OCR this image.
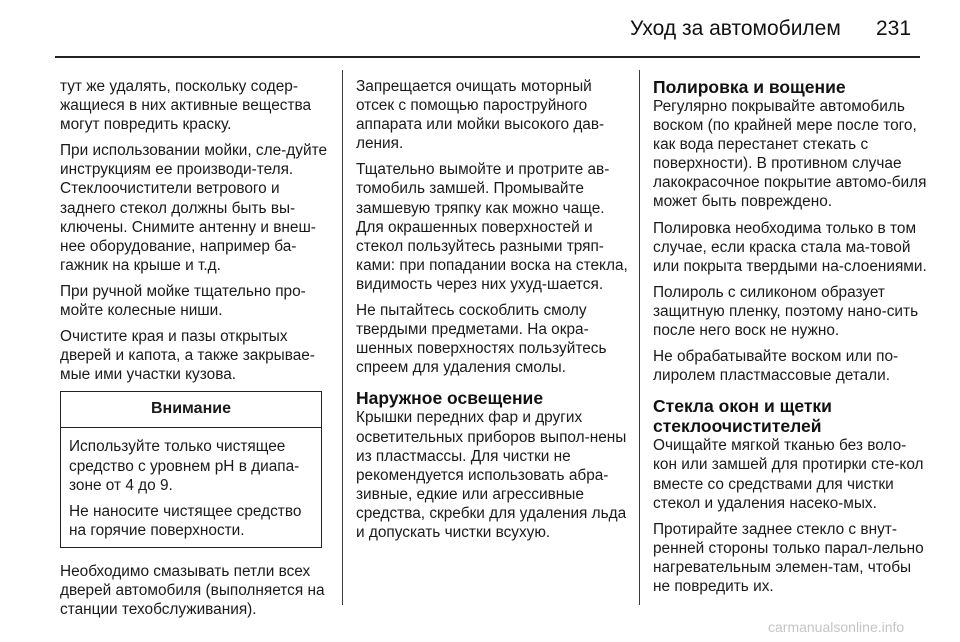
Уход за автомобилем 231

тут же удалять, поскольку содер-жащиеся в них активные вещества могут повредить краску.

При использовании мойки, сле-дуйте инструкциям ее производи-теля. Стеклоочистители ветрового и заднего стекол должны быть вы-ключены. Снимите антенну и внеш-нее оборудование, например ба-гажник на крыше и т.д.

При ручной мойке тщательно про-мойте колесные ниши.

Очистите края и пазы открытых дверей и капота, а также закрывае-мые ими участки кузова.

Внимание

Используйте только чистящее средство с уровнем pH в диапа-зоне от 4 до 9.

Не наносите чистящее средство на горячие поверхности.

Необходимо смазывать петли всех дверей автомобиля (выполняется на станции техобслуживания).

Запрещается очищать моторный отсек с помощью пароструйного аппарата или мойки высокого дав-ления.

Тщательно вымойте и протрите ав-томобиль замшей. Промывайте замшевую тряпку как можно чаще. Для окрашенных поверхностей и стекол пользуйтесь разными тряп-ками: при попадании воска на стекла, видимость через них ухуд-шается.

Не пытайтесь соскоблить смолу твердыми предметами. На окра-шенных поверхностях пользуйтесь спреем для удаления смолы.

Наружное освещение

Крышки передних фар и других осветительных приборов выпол-нены из пластмассы. Для чистки не рекомендуется использовать абра-зивные, едкие или агрессивные средства, скребки для удаления льда и допускать чистки всухую.

Полировка и вощение

Регулярно покрывайте автомобиль воском (по крайней мере после того, как вода перестанет стекать с поверхности). В противном случае лакокрасочное покрытие автомо-биля может быть повреждено.

Полировка необходима только в том случае, если краска стала ма-товой или покрыта твердыми на-слоениями.

Полироль с силиконом образует защитную пленку, поэтому нано-сить после него воск не нужно.

Не обрабатывайте воском или по-лиролем пластмассовые детали.

Стекла окон и щетки стеклоочистителей

Очищайте мягкой тканью без воло-кон или замшей для протирки сте-кол вместе со средствами для чистки стекол и удаления насеко-мых.

Протирайте заднее стекло с внут-ренней стороны только парал-лельно нагревательным элемен-там, чтобы не повредить их.

carmanualsonline.info
